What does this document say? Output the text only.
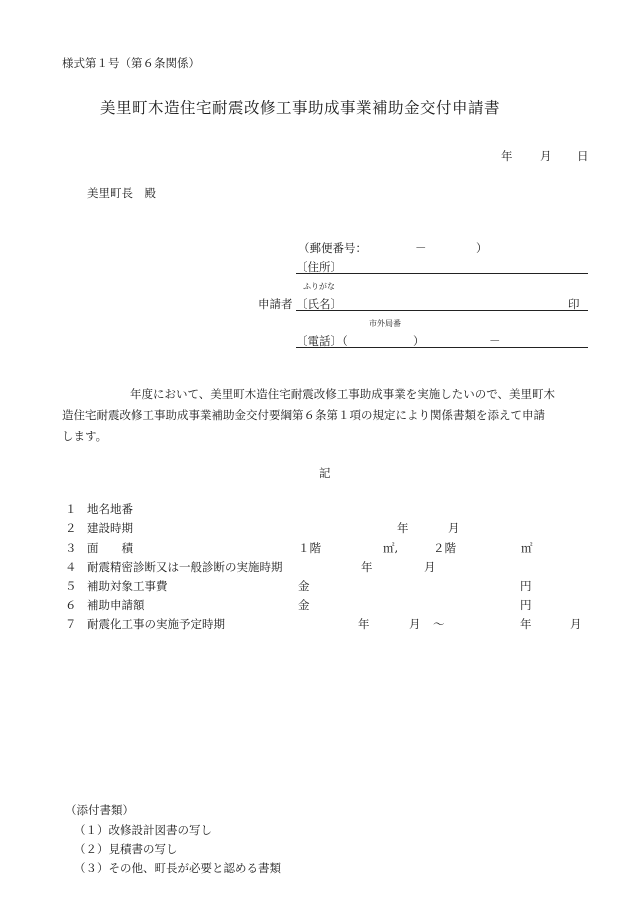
様式第１号（第６条関係）
美里町木造住宅耐震改修工事助成事業補助金交付申請書
年 月 日
美里町長　殿
（郵便番号：	－	）
〔住所〕
ふりがな
申請者 〔氏名〕	印
市外局番
〔電話〕（	）	－
年度において、美里町木造住宅耐震改修工事助成事業を実施したいので、美里町木
造住宅耐震改修工事助成事業補助金交付要綱第６条第１項の規定により関係書類を添えて申請
します。
記
１ 地名地番
２ 建設時期	年	月
３ 面　　積	１階	㎡,	２階	㎡
４ 耐震精密診断又は一般診断の実施時期	年	月
５ 補助対象工事費	金	円
６ 補助申請額	金	円
７ 耐震化工事の実施予定時期	年	月 ～	年	月
（添付書類）
（１）改修設計図書の写し
（２）見積書の写し
（３）その他、町長が必要と認める書類
